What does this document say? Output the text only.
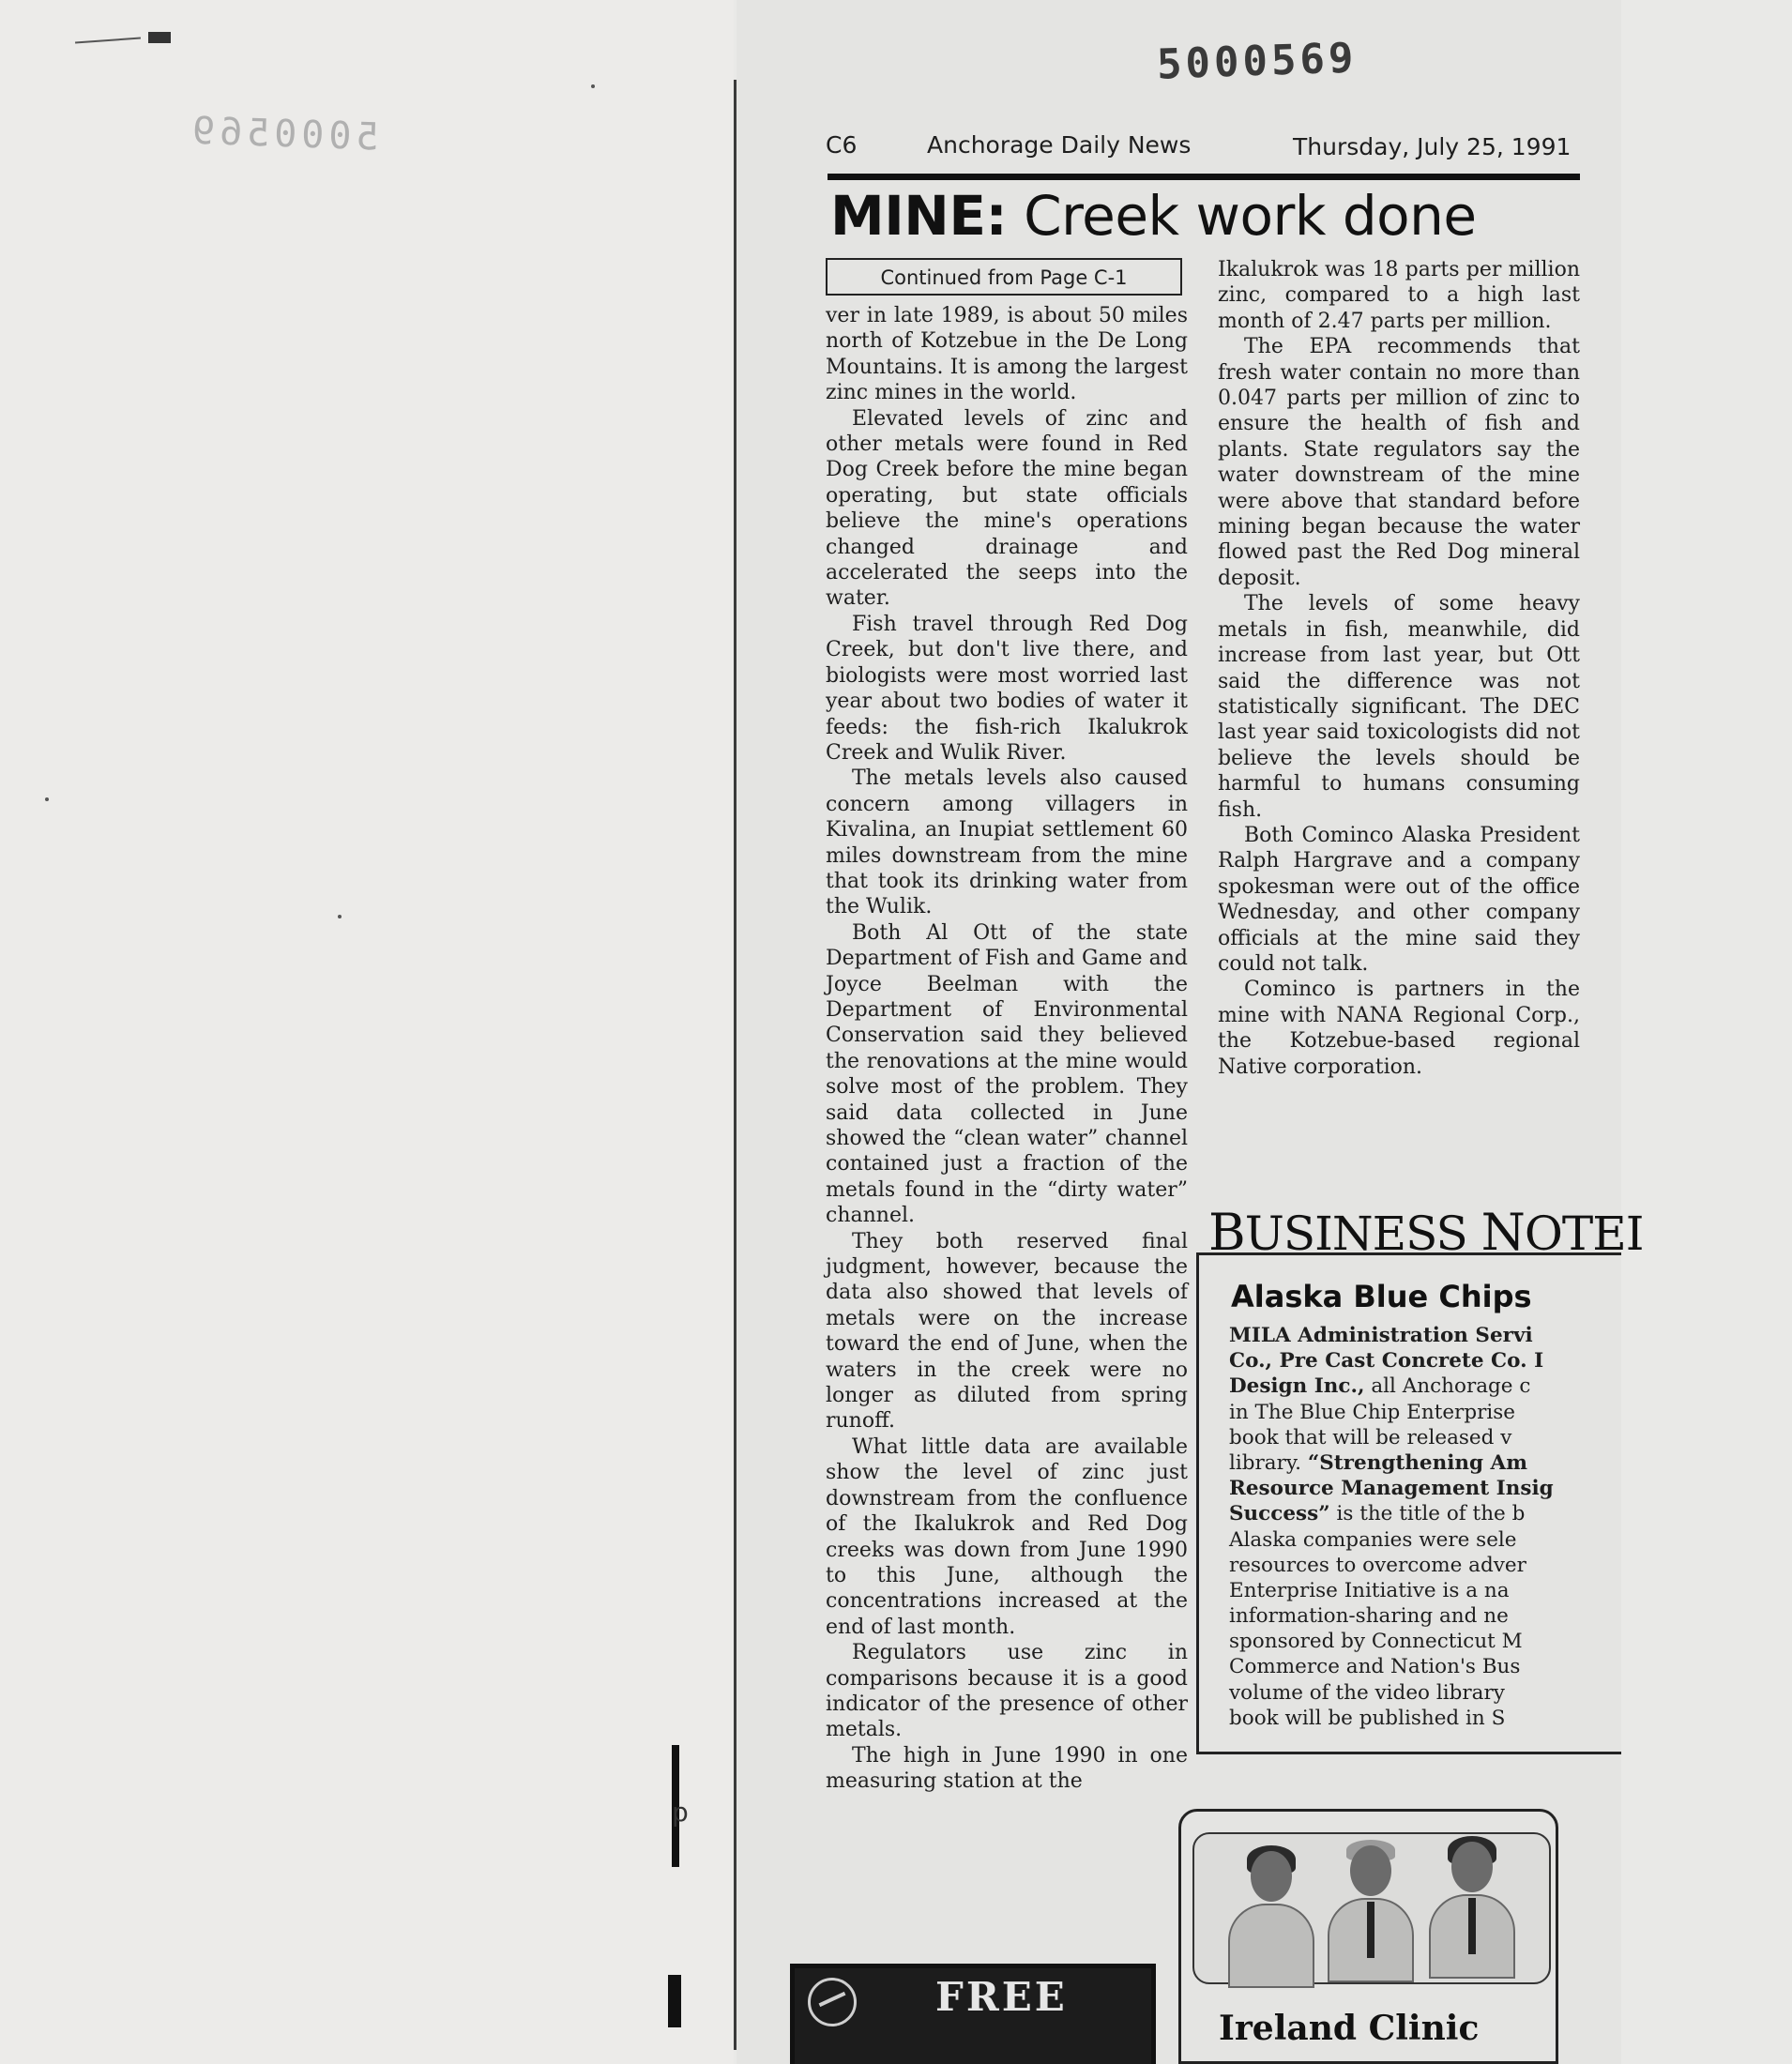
5000569
p
5000569
C6	Anchorage Daily News	Thursday, July 25, 1991
MINE: Creek work done
Continued from Page C-1

ver in late 1989, is about 50 miles north of Kotzebue in the De Long Mountains. It is among the largest zinc mines in the world.

Elevated levels of zinc and other metals were found in Red Dog Creek before the mine began operating, but state officials believe the mine's operations changed drainage and accelerated the seeps into the water.

Fish travel through Red Dog Creek, but don't live there, and biologists were most worried last year about two bodies of water it feeds: the fish-rich Ikalukrok Creek and Wulik River.

The metals levels also caused concern among villagers in Kivalina, an Inupiat settlement 60 miles downstream from the mine that took its drinking water from the Wulik.

Both Al Ott of the state Department of Fish and Game and Joyce Beelman with the Department of Environmental Conservation said they believed the renovations at the mine would solve most of the problem. They said data collected in June showed the “clean water” channel contained just a fraction of the metals found in the “dirty water” channel.

They both reserved final judgment, however, because the data also showed that levels of metals were on the increase toward the end of June, when the waters in the creek were no longer as diluted from spring runoff.

What little data are available show the level of zinc just downstream from the confluence of the Ikalukrok and Red Dog creeks was down from June 1990 to this June, although the concentrations increased at the end of last month.

Regulators use zinc in comparisons because it is a good indicator of the presence of other metals.

The high in June 1990 in one measuring station at the

Ikalukrok was 18 parts per million zinc, compared to a high last month of 2.47 parts per million.

The EPA recommends that fresh water contain no more than 0.047 parts per million of zinc to ensure the health of fish and plants. State regulators say the water downstream of the mine were above that standard before mining began because the water flowed past the Red Dog mineral deposit.

The levels of some heavy metals in fish, meanwhile, did increase from last year, but Ott said the difference was not statistically significant. The DEC last year said toxicologists did not believe the levels should be harmful to humans consuming fish.

Both Cominco Alaska President Ralph Hargrave and a company spokesman were out of the office Wednesday, and other company officials at the mine said they could not talk.

Cominco is partners in the mine with NANA Regional Corp., the Kotzebue-based regional Native corporation.

BUSINESS NOTEI
Alaska Blue Chips
MILA Administration Servi
Co., Pre Cast Concrete Co. I
Design Inc., all Anchorage c
in The Blue Chip Enterprise
book that will be released v
library. “Strengthening Am
Resource Management Insig
Success” is the title of the b
Alaska companies were sele
resources to overcome adver
Enterprise Initiative is a na
information-sharing and ne
sponsored by Connecticut M
Commerce and Nation's Bus
volume of the video library
book will be published in S
Ireland Clinic
FREE
